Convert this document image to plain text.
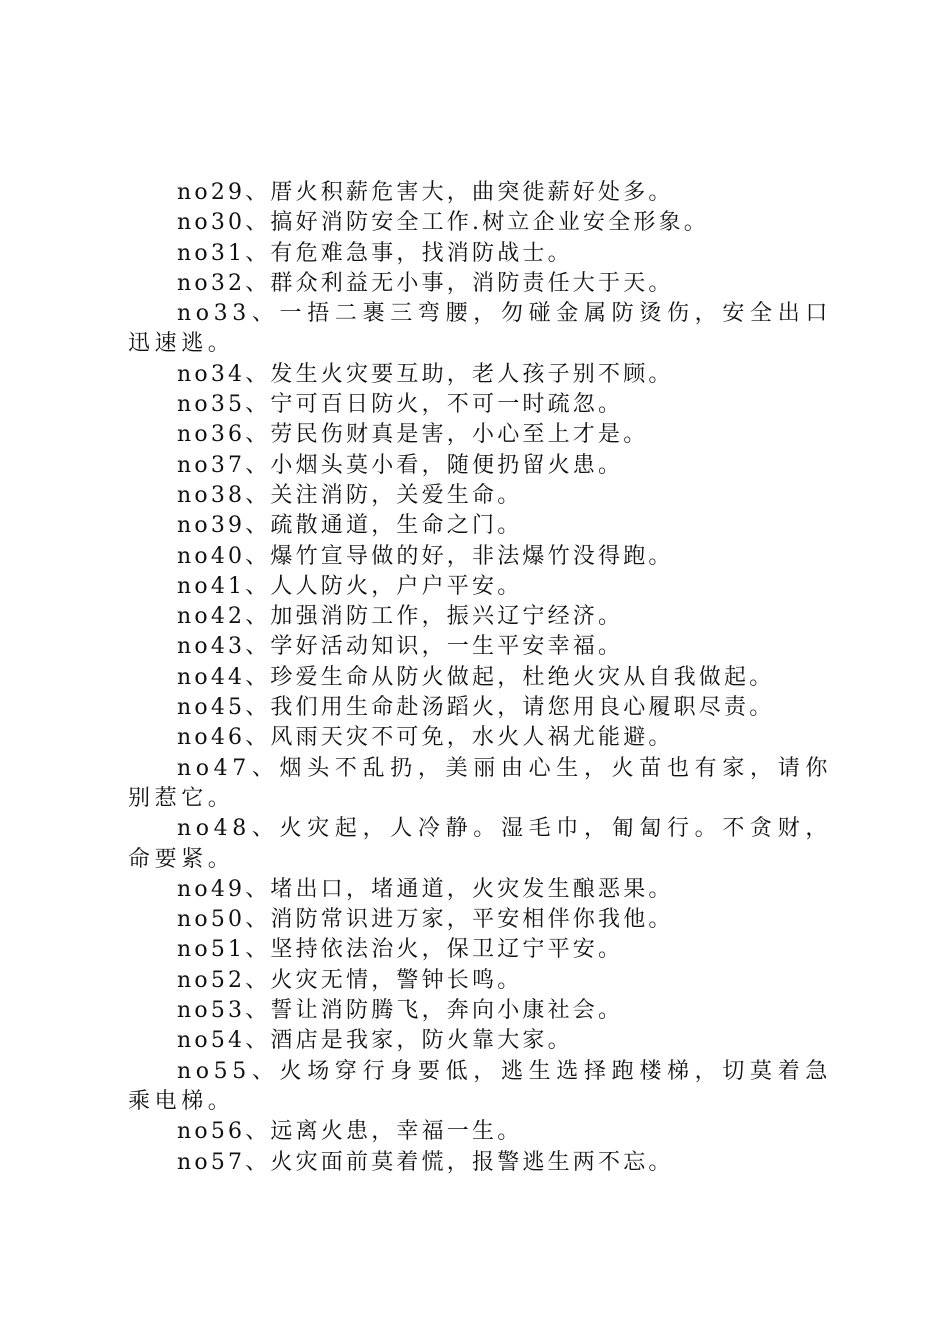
no29、厝火积薪危害大，曲突徙薪好处多。

no30、搞好消防安全工作.树立企业安全形象。

no31、有危难急事，找消防战士。

no32、群众利益无小事，消防责任大于天。

no33、一捂二裹三弯腰，勿碰金属防烫伤，安全出口迅速逃。

no34、发生火灾要互助，老人孩子别不顾。

no35、宁可百日防火，不可一时疏忽。

no36、劳民伤财真是害，小心至上才是。

no37、小烟头莫小看，随便扔留火患。

no38、关注消防，关爱生命。

no39、疏散通道，生命之门。

no40、爆竹宣导做的好，非法爆竹没得跑。

no41、人人防火，户户平安。

no42、加强消防工作，振兴辽宁经济。

no43、学好活动知识，一生平安幸福。

no44、珍爱生命从防火做起，杜绝火灾从自我做起。

no45、我们用生命赴汤蹈火，请您用良心履职尽责。

no46、风雨天灾不可免，水火人祸尤能避。

no47、烟头不乱扔，美丽由心生，火苗也有家，请你别惹它。

no48、火灾起，人冷静。湿毛巾，匍匐行。不贪财，命要紧。

no49、堵出口，堵通道，火灾发生酿恶果。

no50、消防常识进万家，平安相伴你我他。

no51、坚持依法治火，保卫辽宁平安。

no52、火灾无情，警钟长鸣。

no53、誓让消防腾飞，奔向小康社会。

no54、酒店是我家，防火靠大家。

no55、火场穿行身要低，逃生选择跑楼梯，切莫着急乘电梯。

no56、远离火患，幸福一生。

no57、火灾面前莫着慌，报警逃生两不忘。
